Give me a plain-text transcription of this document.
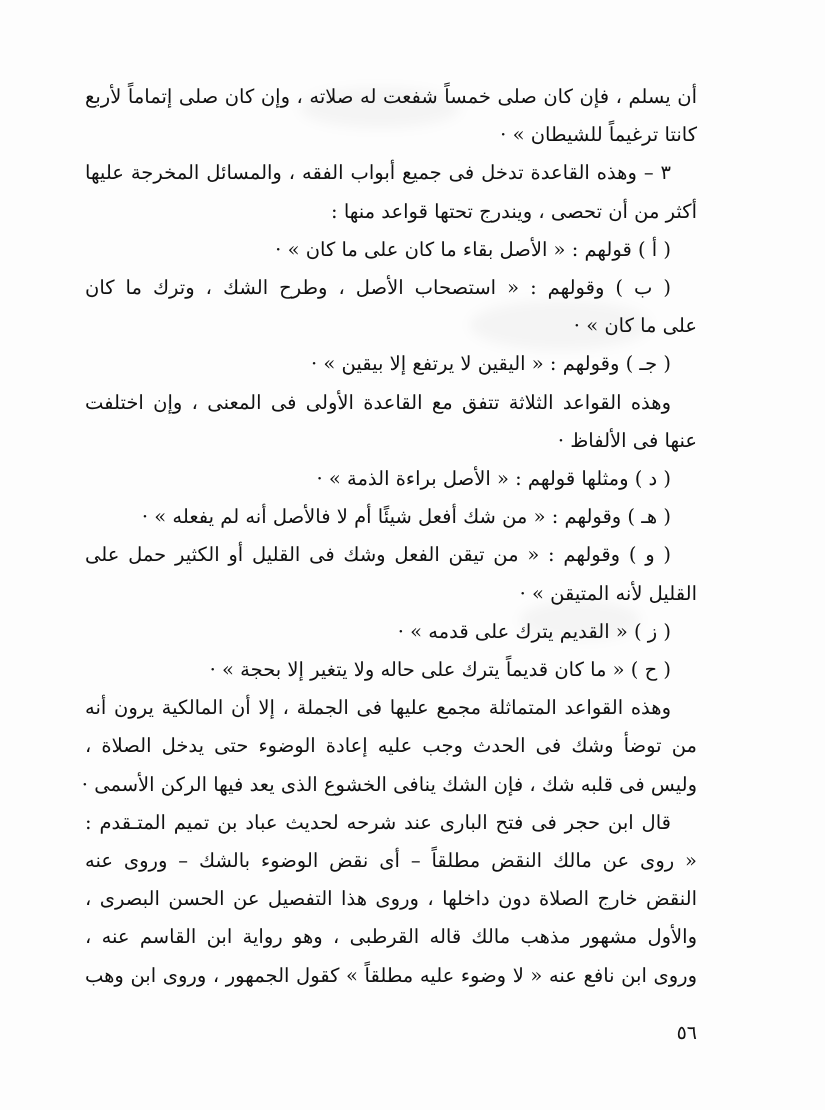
أن يسلم ، فإن كان صلى خمساً شفعت له صلاته ، وإن كان صلى إتماماً لأربع
كانتا ترغيماً للشيطان » ·
٣ – وهذه القاعدة تدخل فى جميع أبواب الفقه ، والمسائل المخرجة عليها
أكثر من أن تحصى ، ويندرج تحتها قواعد منها :
( أ ) قولهم : « الأصل بقاء ما كان على ما كان » ·
( ب ) وقولهم : « استصحاب الأصل ، وطرح الشك ، وترك ما كان
على ما كان » ·
( جـ ) وقولهم : « اليقين لا يرتفع إلا بيقين » ·
وهذه القواعد الثلاثة تتفق مع القاعدة الأولى فى المعنى ، وإن اختلفت
عنها فى الألفاظ ·
( د ) ومثلها قولهم : « الأصل براءة الذمة » ·
( هـ ) وقولهم : « من شك أفعل شيئًا أم لا فالأصل أنه لم يفعله » ·
( و ) وقولهم : « من تيقن الفعل وشك فى القليل أو الكثير حمل على
القليل لأنه المتيقن » ·
( ز ) « القديم يترك على قدمه » ·
( ح ) « ما كان قديماً يترك على حاله ولا يتغير إلا بحجة » ·
وهذه القواعد المتماثلة مجمع عليها فى الجملة ، إلا أن المالكية يرون أنه
من توضأ وشك فى الحدث وجب عليه إعادة الوضوء حتى يدخل الصلاة ،
وليس فى قلبه شك ، فإن الشك ينافى الخشوع الذى يعد فيها الركن الأسمى ·
قال ابن حجر فى فتح البارى عند شرحه لحديث عباد بن تميم المتـقدم :
« روى عن مالك النقض مطلقاً – أى نقض الوضوء بالشك – وروى عنه
النقض خارج الصلاة دون داخلها ، وروى هذا التفصيل عن الحسن البصرى ،
والأول مشهور مذهب مالك قاله القرطبى ، وهو رواية ابن القاسم عنه ،
وروى ابن نافع عنه « لا وضوء عليه مطلقاً » كقول الجمهور ، وروى ابن وهب
٥٦
